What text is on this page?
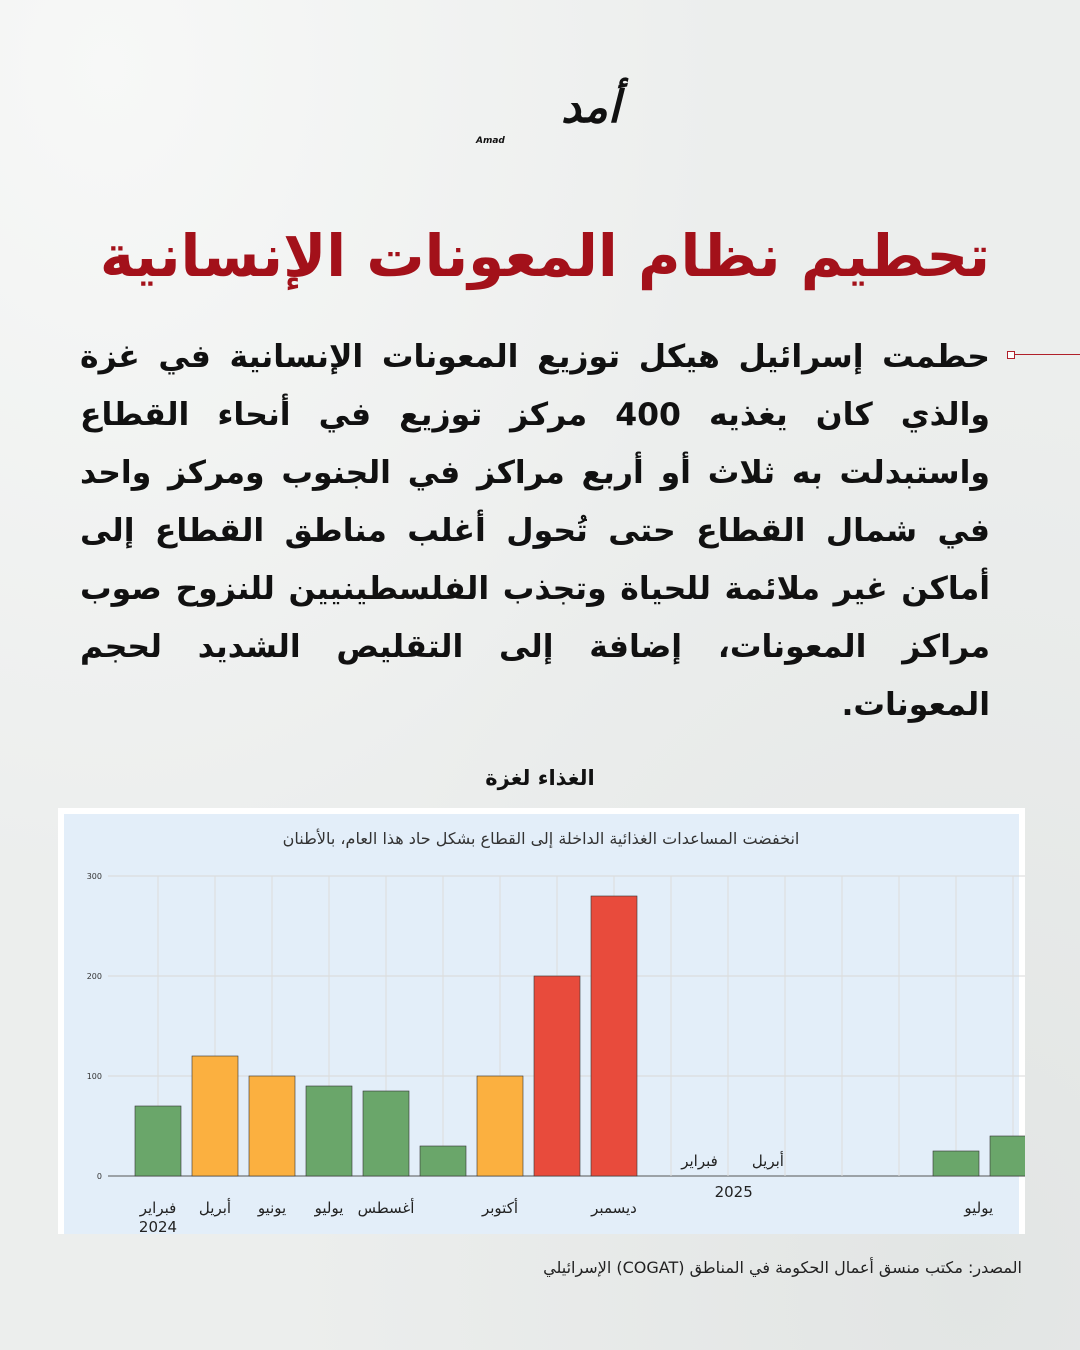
أمد
Amad
تحطيم نظام المعونات الإنسانية

حطمت إسرائيل هيكل توزيع المعونات الإنسانية في غزة والذي كان يغذيه 400 مركز توزيع في أنحاء القطاع واستبدلت به ثلاث أو أربع مراكز في الجنوب ومركز واحد في شمال القطاع حتى تُحول أغلب مناطق القطاع إلى أماكن غير ملائمة للحياة وتجذب الفلسطينيين للنزوح صوب مراكز المعونات، إضافة إلى التقليص الشديد لحجم المعونات.

الغذاء لغزة
انخفضت المساعدات الغذائية الداخلة إلى القطاع بشكل حاد هذا العام، بالأطنان
0
100
200
300
فبراير أبريل يونيو يوليو أغسطس	أكتوبر	ديسمبر
فبراير أبريل
يوليو
2024
2025
المصدر: مكتب منسق أعمال الحكومة في المناطق (COGAT) الإسرائيلي
